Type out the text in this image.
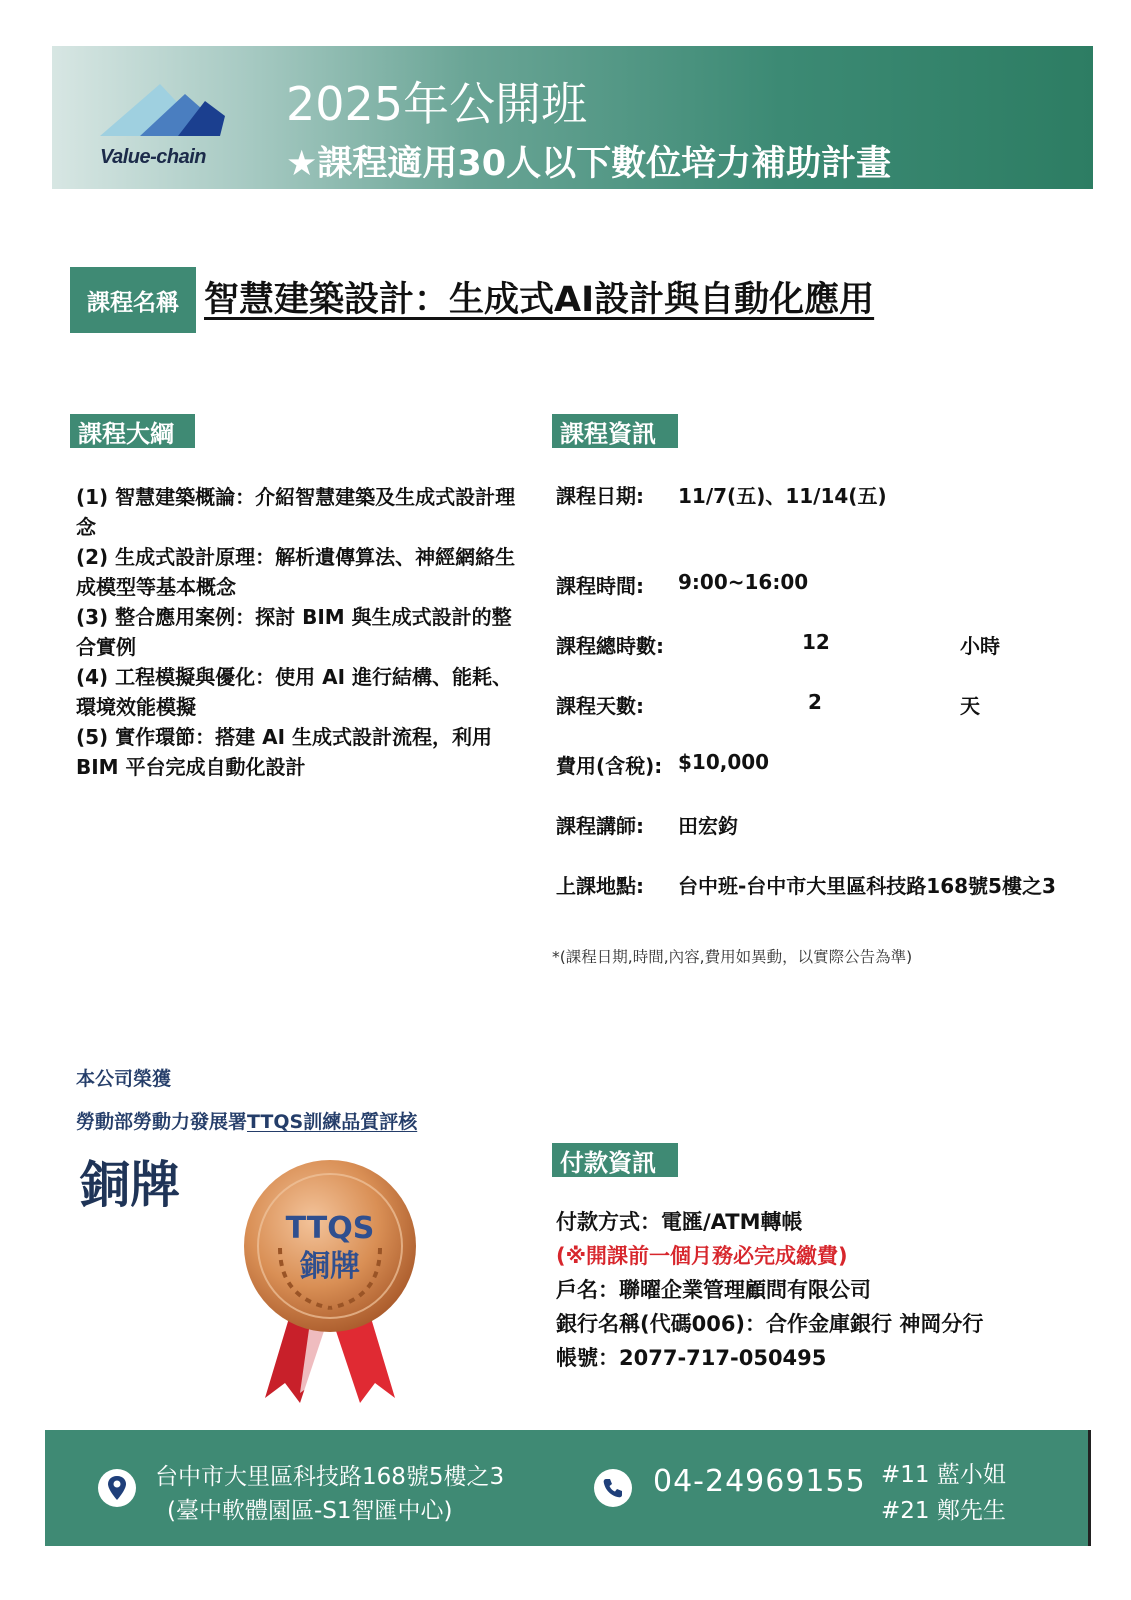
Value-chain
2025年公開班
★課程適用30人以下數位培力補助計畫
課程名稱 智慧建築設計：生成式AI設計與自動化應用
課程大綱
(1) 智慧建築概論：介紹智慧建築及生成式設計理念
(2) 生成式設計原理：解析遺傳算法、神經網絡生成模型等基本概念
(3) 整合應用案例：探討 BIM 與生成式設計的整合實例
(4) 工程模擬與優化：使用 AI 進行結構、能耗、環境效能模擬
(5) 實作環節：搭建 AI 生成式設計流程，利用 BIM 平台完成自動化設計
課程資訊
課程日期: 11/7(五)、11/14(五)
課程時間: 9:00~16:00
課程總時數:	12	小時
課程天數:	2	天
費用(含稅): $10,000
課程講師: 田宏鈞
上課地點: 台中班-台中市大里區科技路168號5樓之3
*(課程日期,時間,內容,費用如異動，以實際公告為準)
本公司榮獲
勞動部勞動力發展署TTQS訓練品質評核
銅牌
TTQS
銅牌
付款資訊
付款方式：電匯/ATM轉帳
(※開課前一個月務必完成繳費)
戶名：聯曜企業管理顧問有限公司
銀行名稱(代碼006)：合作金庫銀行 神岡分行
帳號：2077-717-050495
台中市大里區科技路168號5樓之3
(臺中軟體園區-S1智匯中心)
04-24969155 #11 藍小姐
#21 鄭先生
